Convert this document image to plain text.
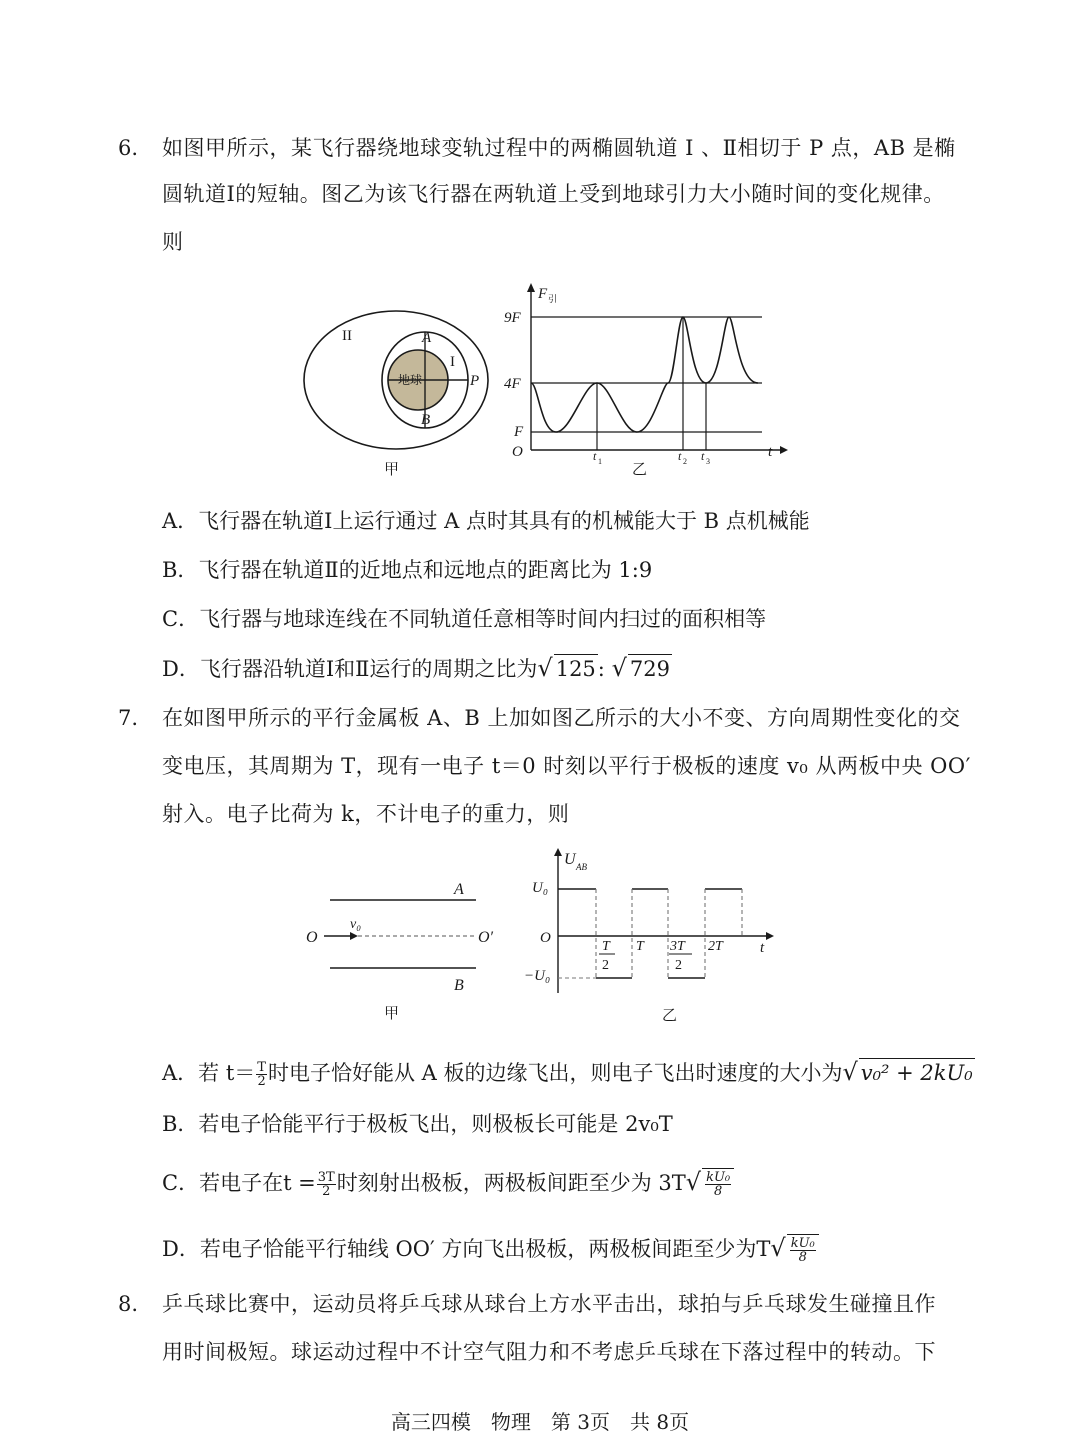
6. 如图甲所示，某飞行器绕地球变轨过程中的两椭圆轨道 Ⅰ 、Ⅱ相切于 P 点，AB 是椭
圆轨道Ⅰ的短轴。图乙为该飞行器在两轨道上受到地球引力大小随时间的变化规律。
则
II
I
地球
A
B
P
甲
F 引
9F
4F
F
O	t 1	t 2 t 3
t
乙
A．飞行器在轨道Ⅰ上运行通过 A 点时其具有的机械能大于 B 点机械能
B．飞行器在轨道Ⅱ的近地点和远地点的距离比为 1:9
C．飞行器与地球连线在不同轨道任意相等时间内扫过的面积相等
D．飞行器沿轨道Ⅰ和Ⅱ运行的周期之比为√ 125: √ 729
7. 在如图甲所示的平行金属板 A、B 上加如图乙所示的大小不变、方向周期性变化的交
变电压，其周期为 T，现有一电子 t＝0 时刻以平行于极板的速度 v₀ 从两板中央 OO′
射入。电子比荷为 k，不计电子的重力，则
A
B
O	O′
v₀
甲
U AB
U₀
−U₀
O
T
2
T 3T
2
2T t
乙
A．若 $t= \frac{T}{2}$ 时电子恰好能从 A 板的边缘飞出，则电子飞出时速度的大小为√ v₀² + 2kU₀
B．若电子恰能平行于极板飞出，则极板长可能是 2v₀T
C．若电子在$t = \frac{3T}{2}$ 时刻射出极板，两极板间距至少为 $3T√ \frac{\text{kU₀}}{8}$
D．若电子恰能平行轴线 OO′ 方向飞出极板，两极板间距至少为$T√ \frac{\text{kU₀}}{8}$
8. 乒乓球比赛中，运动员将乒乓球从球台上方水平击出，球拍与乒乓球发生碰撞且作
用时间极短。球运动过程中不计空气阻力和不考虑乒乓球在下落过程中的转动。下
高三四模　物理　第 3页　共 8页
